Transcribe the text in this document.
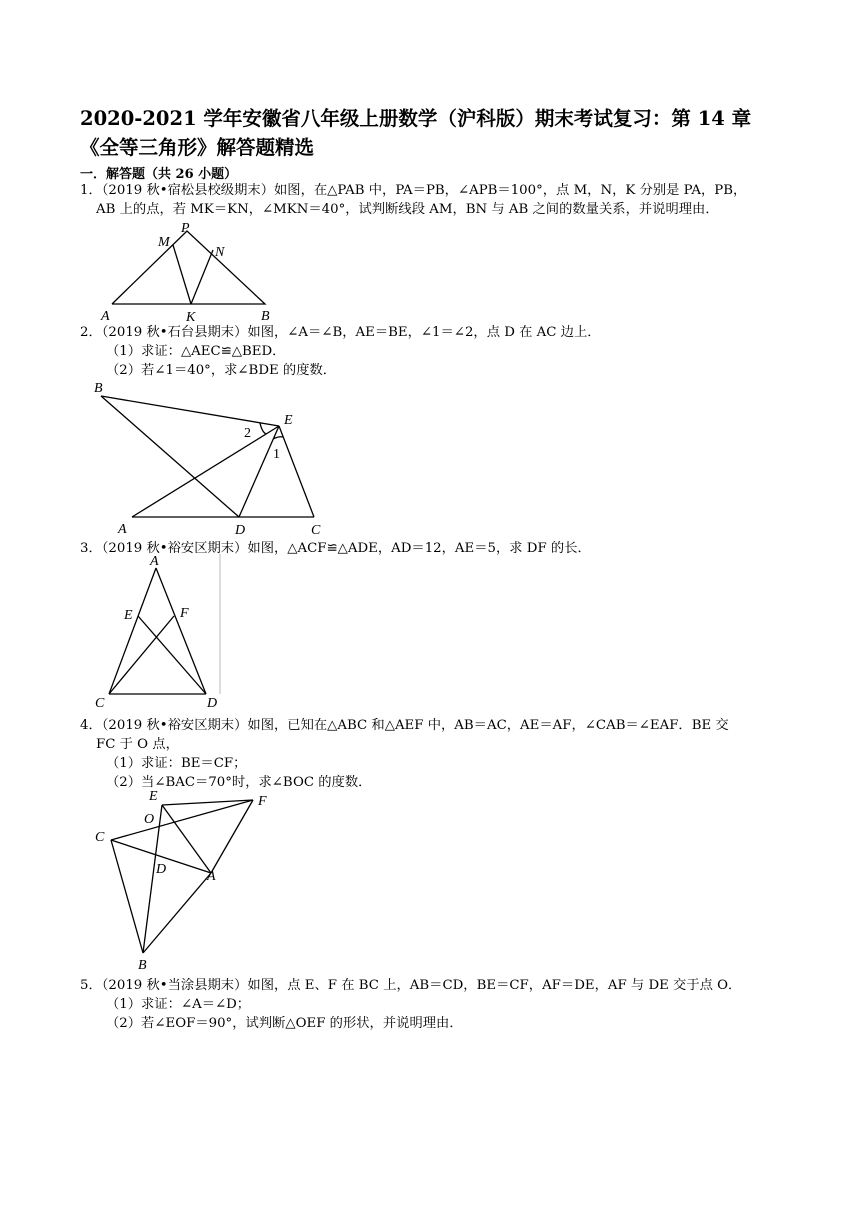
2020-2021 学年安徽省八年级上册数学（沪科版）期末考试复习：第 14 章
《全等三角形》解答题精选

一．解答题（共 26 小题）

1．（2019 秋•宿松县校级期末）如图，在△PAB 中，PA＝PB，∠APB＝100°，点 M，N，K 分别是 PA，PB，
AB 上的点，若 MK＝KN，∠MKN＝40°，试判断线段 AM，BN 与 AB 之间的数量关系，并说明理由．
P
M
N
A	K	B
2．（2019 秋•石台县期末）如图，∠A＝∠B，AE＝BE，∠1＝∠2，点 D 在 AC 边上．
（1）求证：△AEC≌△BED．
（2）若∠1＝40°，求∠BDE 的度数．
B
E
2
1
A	D	C
3．（2019 秋•裕安区期末）如图，△ACF≌△ADE，AD＝12，AE＝5，求 DF 的长．
A
E	F
C	D
4．（2019 秋•裕安区期末）如图，已知在△ABC 和△AEF 中，AB＝AC，AE＝AF，∠CAB＝∠EAF．BE 交
FC 于 O 点，
（1）求证：BE＝CF；
（2）当∠BAC＝70°时，求∠BOC 的度数．
E	F
O
C
D	A
B
5．（2019 秋•当涂县期末）如图，点 E、F 在 BC 上，AB＝CD，BE＝CF，AF＝DE，AF 与 DE 交于点 O．
（1）求证：∠A＝∠D；
（2）若∠EOF＝90°，试判断△OEF 的形状，并说明理由．
